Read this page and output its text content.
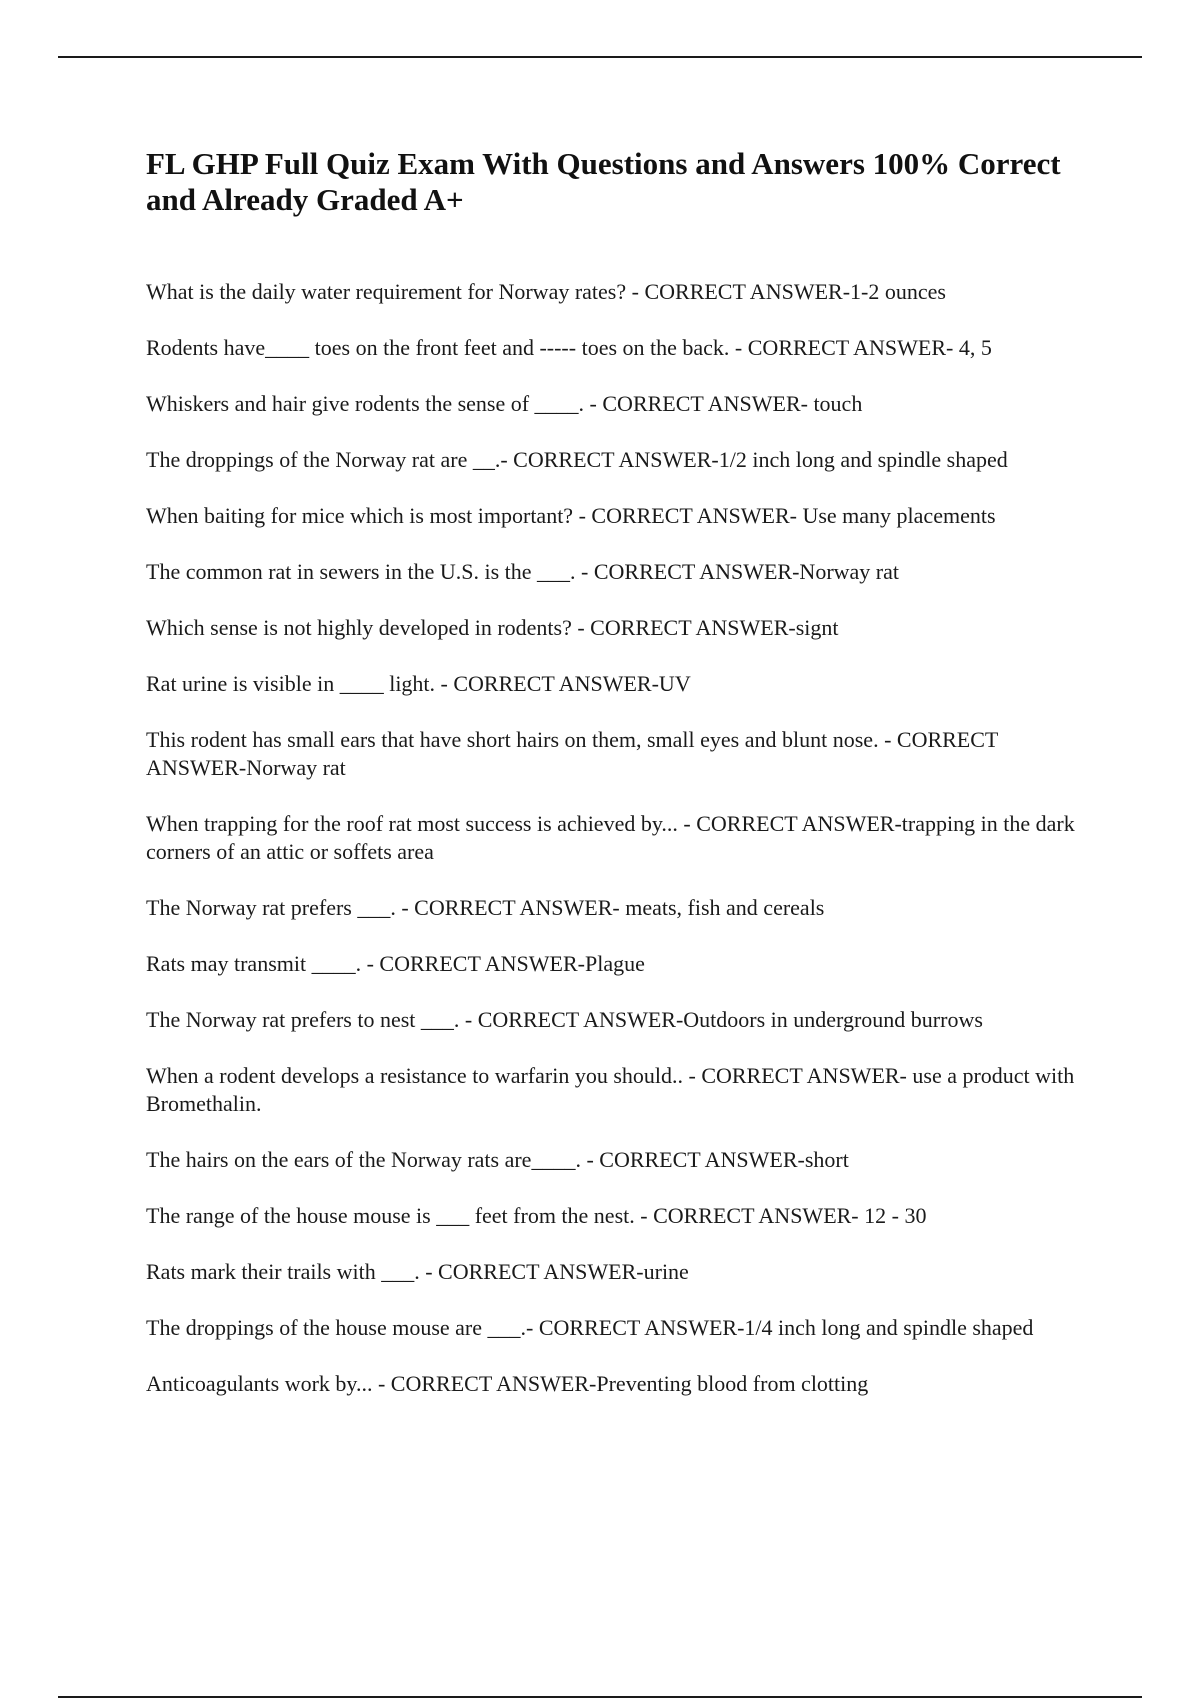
FL GHP Full Quiz Exam With Questions and Answers 100% Correct and Already Graded A+
What is the daily water requirement for Norway rates? - CORRECT ANSWER-1-2 ounces
Rodents have____ toes on the front feet and ----- toes on the back. - CORRECT ANSWER- 4, 5
Whiskers and hair give rodents the sense of ____. - CORRECT ANSWER- touch
The droppings of the Norway rat are __.- CORRECT ANSWER-1/2 inch long and spindle shaped
When baiting for mice which is most important? - CORRECT ANSWER- Use many placements
The common rat in sewers in the U.S. is the ___. - CORRECT ANSWER-Norway rat
Which sense is not highly developed in rodents? - CORRECT ANSWER-signt
Rat urine is visible in ____ light. - CORRECT ANSWER-UV
This rodent has small ears that have short hairs on them, small eyes and blunt nose. - CORRECT ANSWER-Norway rat
When trapping for the roof rat most success is achieved by... - CORRECT ANSWER-trapping in the dark corners of an attic or soffets area
The Norway rat prefers ___. - CORRECT ANSWER- meats, fish and cereals
Rats may transmit ____. - CORRECT ANSWER-Plague
The Norway rat prefers to nest ___. - CORRECT ANSWER-Outdoors in underground burrows
When a rodent develops a resistance to warfarin you should.. - CORRECT ANSWER- use a product with Bromethalin.
The hairs on the ears of the Norway rats are____. - CORRECT ANSWER-short
The range of the house mouse is ___ feet from the nest. - CORRECT ANSWER- 12 - 30
Rats mark their trails with ___. - CORRECT ANSWER-urine
The droppings of the house mouse are ___.- CORRECT ANSWER-1/4 inch long and spindle shaped
Anticoagulants work by... - CORRECT ANSWER-Preventing blood from clotting
